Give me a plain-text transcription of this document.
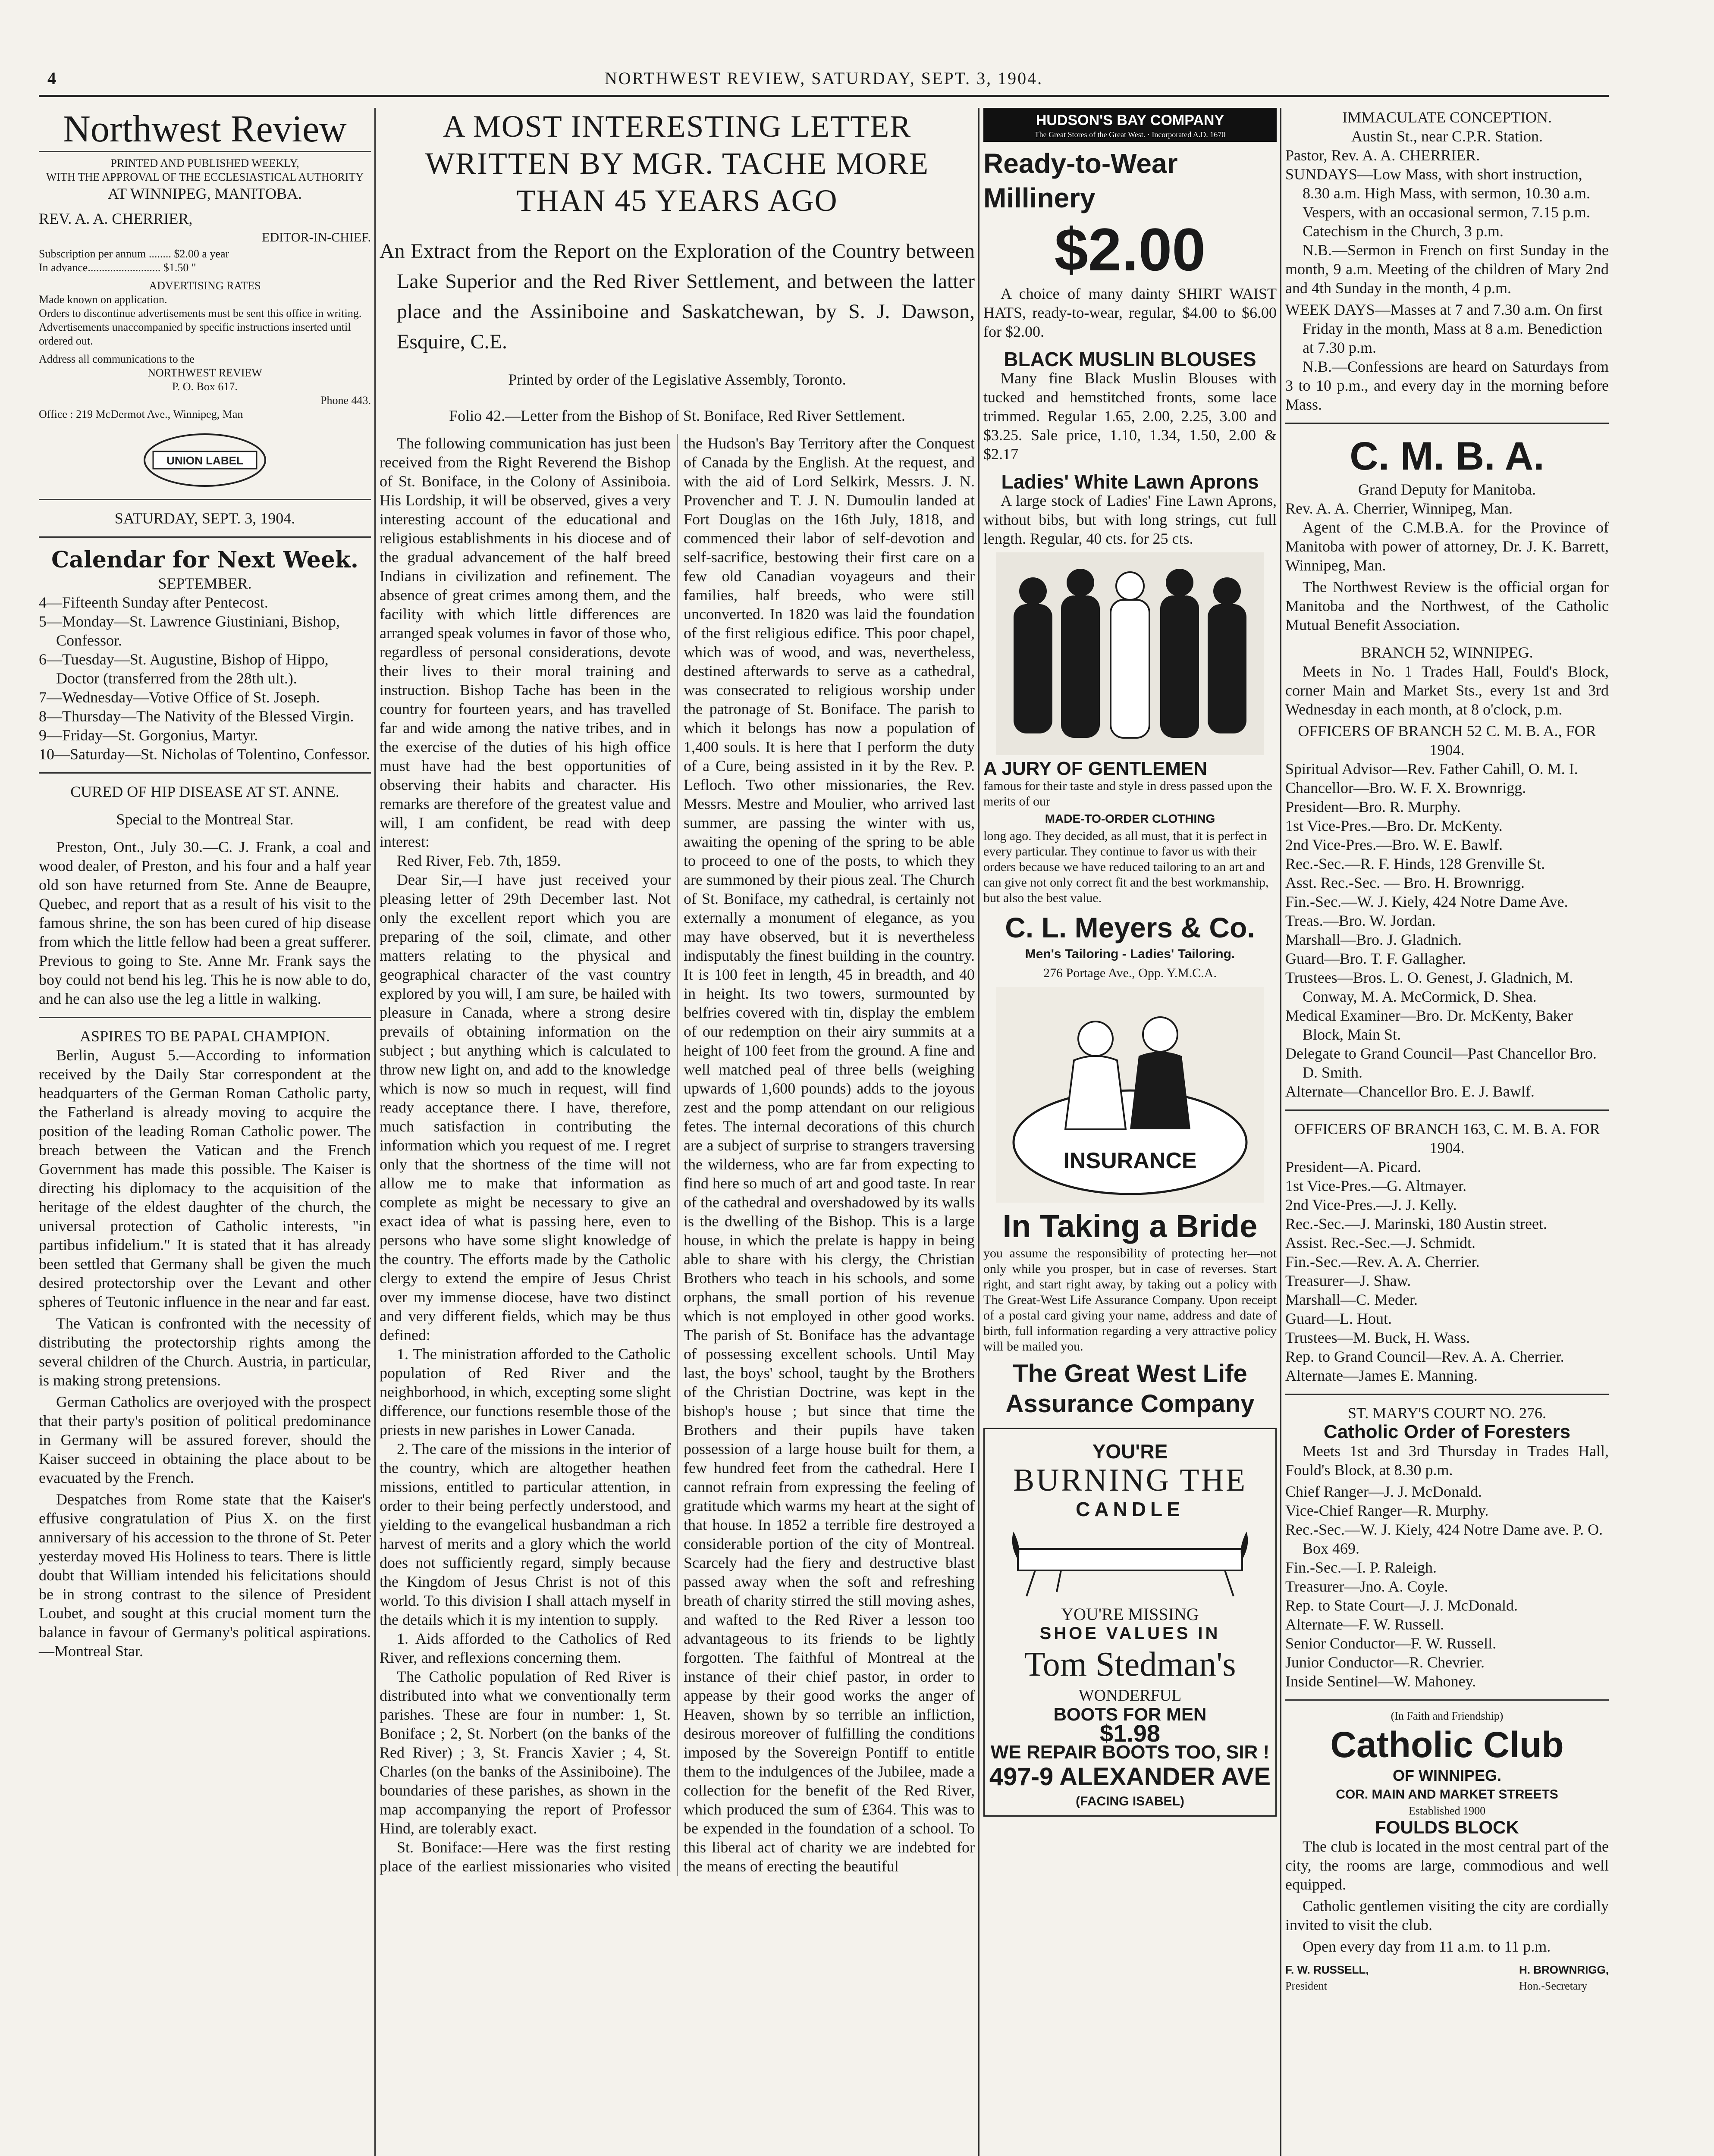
4	NORTHWEST REVIEW, SATURDAY, SEPT. 3, 1904.
Northwest Review
PRINTED AND PUBLISHED WEEKLY,
WITH THE APPROVAL OF THE ECCLESIASTICAL AUTHORITY
AT WINNIPEG, MANITOBA.
REV. A. A. CHERRIER,
EDITOR-IN-CHIEF.
Subscription per annum ........ $2.00 a year
In advance.......................... $1.50 "
ADVERTISING RATES
Made known on application.
Orders to discontinue advertisements must be sent this office in writing.
Advertisements unaccompanied by specific instructions inserted until ordered out.
Address all communications to the
NORTHWEST REVIEW
P. O. Box 617.
Phone 443.
Office : 219 McDermot Ave., Winnipeg, Man
UNION LABEL
SATURDAY, SEPT. 3, 1904.
Calendar for Next Week.
SEPTEMBER.

4—Fifteenth Sunday after Pentecost.

5—Monday—St. Lawrence Giustiniani, Bishop, Confessor.

6—Tuesday—St. Augustine, Bishop of Hippo, Doctor (transferred from the 28th ult.).

7—Wednesday—Votive Office of St. Joseph.

8—Thursday—The Nativity of the Blessed Virgin.

9—Friday—St. Gorgonius, Martyr.

10—Saturday—St. Nicholas of Tolentino, Confessor.

CURED OF HIP DISEASE AT ST. ANNE.
Special to the Montreal Star.

Preston, Ont., July 30.—C. J. Frank, a coal and wood dealer, of Preston, and his four and a half year old son have returned from Ste. Anne de Beaupre, Quebec, and report that as a result of his visit to the famous shrine, the son has been cured of hip disease from which the little fellow had been a great sufferer. Previous to going to Ste. Anne Mr. Frank says the boy could not bend his leg. This he is now able to do, and he can also use the leg a little in walking.

ASPIRES TO BE PAPAL CHAMPION.

Berlin, August 5.—According to information received by the Daily Star correspondent at the headquarters of the German Roman Catholic party, the Fatherland is already moving to acquire the position of the leading Roman Catholic power. The breach between the Vatican and the French Government has made this possible. The Kaiser is directing his diplomacy to the acquisition of the heritage of the eldest daughter of the church, the universal protection of Catholic interests, "in partibus infidelium." It is stated that it has already been settled that Germany shall be given the much desired protectorship over the Levant and other spheres of Teutonic influence in the near and far east.

The Vatican is confronted with the necessity of distributing the protectorship rights among the several children of the Church. Austria, in particular, is making strong pretensions.

German Catholics are overjoyed with the prospect that their party's position of political predominance in Germany will be assured forever, should the Kaiser succeed in obtaining the place about to be evacuated by the French.

Despatches from Rome state that the Kaiser's effusive congratulation of Pius X. on the first anniversary of his accession to the throne of St. Peter yesterday moved His Holiness to tears. There is little doubt that William intended his felicitations should be in strong contrast to the silence of President Loubet, and sought at this crucial moment turn the balance in favour of Germany's political aspirations. —Montreal Star.

A MOST INTERESTING LETTER WRITTEN BY MGR. TACHE MORE THAN 45 YEARS AGO
An Extract from the Report on the Exploration of the Country between Lake Superior and the Red River Settlement, and between the latter place and the Assiniboine and Saskatchewan, by S. J. Dawson, Esquire, C.E.
Printed by order of the Legislative Assembly, Toronto.
Folio 42.—Letter from the Bishop of St. Boniface, Red River Settlement.

The following communication has just been received from the Right Reverend the Bishop of St. Boniface, in the Colony of Assiniboia. His Lordship, it will be observed, gives a very interesting account of the educational and religious establishments in his diocese and of the gradual advancement of the half breed Indians in civilization and refinement. The absence of great crimes among them, and the facility with which little differences are arranged speak volumes in favor of those who, regardless of personal considerations, devote their lives to their moral training and instruction. Bishop Tache has been in the country for fourteen years, and has travelled far and wide among the native tribes, and in the exercise of the duties of his high office must have had the best opportunities of observing their habits and character. His remarks are therefore of the greatest value and will, I am confident, be read with deep interest:

Red River, Feb. 7th, 1859.

Dear Sir,—I have just received your pleasing letter of 29th December last. Not only the excellent report which you are preparing of the soil, climate, and other matters relating to the physical and geographical character of the vast country explored by you will, I am sure, be hailed with pleasure in Canada, where a strong desire prevails of obtaining information on the subject ; but anything which is calculated to throw new light on, and add to the knowledge which is now so much in request, will find ready acceptance there. I have, therefore, much satisfaction in contributing the information which you request of me. I regret only that the shortness of the time will not allow me to make that information as complete as might be necessary to give an exact idea of what is passing here, even to persons who have some slight knowledge of the country. The efforts made by the Catholic clergy to extend the empire of Jesus Christ over my immense diocese, have two distinct and very different fields, which may be thus defined:

1. The ministration afforded to the Catholic population of Red River and the neighborhood, in which, excepting some slight difference, our functions resemble those of the priests in new parishes in Lower Canada.

2. The care of the missions in the interior of the country, which are altogether heathen missions, entitled to particular attention, in order to their being perfectly understood, and yielding to the evangelical husbandman a rich harvest of merits and a glory which the world does not sufficiently regard, simply because the Kingdom of Jesus Christ is not of this world. To this division I shall attach myself in the details which it is my intention to supply.

1. Aids afforded to the Catholics of Red River, and reflexions concerning them.

The Catholic population of Red River is distributed into what we conventionally term parishes. These are four in number: 1, St. Boniface ; 2, St. Norbert (on the banks of the Red River) ; 3, St. Francis Xavier ; 4, St. Charles (on the banks of the Assiniboine). The boundaries of these parishes, as shown in the map accompanying the report of Professor Hind, are tolerably exact.

St. Boniface:—Here was the first resting place of the earliest missionaries who visited the Hudson's Bay Territory after the Conquest of Canada by the English. At the request, and with the aid of Lord Selkirk, Messrs. J. N. Provencher and T. J. N. Dumoulin landed at Fort Douglas on the 16th July, 1818, and commenced their labor of self-devotion and self-sacrifice, bestowing their first care on a few old Canadian voyageurs and their families, half breeds, who were still unconverted. In 1820 was laid the foundation of the first religious edifice. This poor chapel, which was of wood, and was, nevertheless, destined afterwards to serve as a cathedral, was consecrated to religious worship under the patronage of St. Boniface. The parish to which it belongs has now a population of 1,400 souls. It is here that I perform the duty of a Cure, being assisted in it by the Rev. P. Lefloch. Two other missionaries, the Rev. Messrs. Mestre and Moulier, who arrived last summer, are passing the winter with us, awaiting the opening of the spring to be able to proceed to one of the posts, to which they are summoned by their pious zeal. The Church of St. Boniface, my cathedral, is certainly not externally a monument of elegance, as you may have observed, but it is nevertheless indisputably the finest building in the country. It is 100 feet in length, 45 in breadth, and 40 in height. Its two towers, surmounted by belfries covered with tin, display the emblem of our redemption on their airy summits at a height of 100 feet from the ground. A fine and well matched peal of three bells (weighing upwards of 1,600 pounds) adds to the joyous zest and the pomp attendant on our religious fetes. The internal decorations of this church are a subject of surprise to strangers traversing the wilderness, who are far from expecting to find here so much of art and good taste. In rear of the cathedral and overshadowed by its walls is the dwelling of the Bishop. This is a large house, in which the prelate is happy in being able to share with his clergy, the Christian Brothers who teach in his schools, and some orphans, the small portion of his revenue which is not employed in other good works. The parish of St. Boniface has the advantage of possessing excellent schools. Until May last, the boys' school, taught by the Brothers of the Christian Doctrine, was kept in the bishop's house ; but since that time the Brothers and their pupils have taken possession of a large house built for them, a few hundred feet from the cathedral. Here I cannot refrain from expressing the feeling of gratitude which warms my heart at the sight of that house. In 1852 a terrible fire destroyed a considerable portion of the city of Montreal. Scarcely had the fiery and destructive blast passed away when the soft and refreshing breath of charity stirred the still moving ashes, and wafted to the Red River a lesson too advantageous to its friends to be lightly forgotten. The faithful of Montreal at the instance of their chief pastor, in order to appease by their good works the anger of Heaven, shown by so terrible an infliction, desirous moreover of fulfilling the conditions imposed by the Sovereign Pontiff to entitle them to the indulgences of the Jubilee, made a collection for the benefit of the Red River, which produced the sum of £364. This was to be expended in the foundation of a school. To this liberal act of charity we are indebted for the means of erecting the beautiful

HUDSON'S BAY COMPANY
The Great Stores of the Great West. · Incorporated A.D. 1670
Ready-to-Wear Millinery
$2.00

A choice of many dainty SHIRT WAIST HATS, ready-to-wear, regular, $4.00 to $6.00 for $2.00.

BLACK MUSLIN BLOUSES

Many fine Black Muslin Blouses with tucked and hemstitched fronts, some lace trimmed. Regular 1.65, 2.00, 2.25, 3.00 and $3.25. Sale price, 1.10, 1.34, 1.50, 2.00 & $2.17

Ladies' White Lawn Aprons

A large stock of Ladies' Fine Lawn Aprons, without bibs, but with long strings, cut full length. Regular, 40 cts. for 25 cts.

A JURY OF GENTLEMEN
famous for their taste and style in dress passed upon the merits of our
MADE-TO-ORDER CLOTHING
long ago. They decided, as all must, that it is perfect in every particular. They continue to favor us with their orders because we have reduced tailoring to an art and can give not only correct fit and the best workmanship, but also the best value.
C. L. Meyers & Co.
Men's Tailoring - Ladies' Tailoring.
276 Portage Ave., Opp. Y.M.C.A.
INSURANCE
In Taking a Bride
you assume the responsibility of protecting her—not only while you prosper, but in case of reverses. Start right, and start right away, by taking out a policy with The Great-West Life Assurance Company. Upon receipt of a postal card giving your name, address and date of birth, full information regarding a very attractive policy will be mailed you.
The Great West Life
Assurance Company
YOU'RE
BURNING THE
CANDLE
YOU'RE MISSING
SHOE VALUES IN
Tom Stedman's
WONDERFUL
BOOTS FOR MEN
$1.98
WE REPAIR BOOTS TOO, SIR !
497-9 ALEXANDER AVE
(FACING ISABEL)
IMMACULATE CONCEPTION.
Austin St., near C.P.R. Station.
Pastor, Rev. A. A. CHERRIER.

SUNDAYS—Low Mass, with short instruction, 8.30 a.m. High Mass, with sermon, 10.30 a.m. Vespers, with an occasional sermon, 7.15 p.m. Catechism in the Church, 3 p.m.

N.B.—Sermon in French on first Sunday in the month, 9 a.m. Meeting of the children of Mary 2nd and 4th Sunday in the month, 4 p.m.

WEEK DAYS—Masses at 7 and 7.30 a.m. On first Friday in the month, Mass at 8 a.m. Benediction at 7.30 p.m.

N.B.—Confessions are heard on Saturdays from 3 to 10 p.m., and every day in the morning before Mass.

C. M. B. A.
Grand Deputy for Manitoba.
Rev. A. A. Cherrier, Winnipeg, Man.

Agent of the C.M.B.A. for the Province of Manitoba with power of attorney, Dr. J. K. Barrett, Winnipeg, Man.

The Northwest Review is the official organ for Manitoba and the Northwest, of the Catholic Mutual Benefit Association.

BRANCH 52, WINNIPEG.

Meets in No. 1 Trades Hall, Fould's Block, corner Main and Market Sts., every 1st and 3rd Wednesday in each month, at 8 o'clock, p.m.

OFFICERS OF BRANCH 52 C. M. B. A., FOR 1904.

Spiritual Advisor—Rev. Father Cahill, O. M. I.

Chancellor—Bro. W. F. X. Brownrigg.

President—Bro. R. Murphy.

1st Vice-Pres.—Bro. Dr. McKenty.

2nd Vice-Pres.—Bro. W. E. Bawlf.

Rec.-Sec.—R. F. Hinds, 128 Grenville St.

Asst. Rec.-Sec. — Bro. H. Brownrigg.

Fin.-Sec.—W. J. Kiely, 424 Notre Dame Ave.

Treas.—Bro. W. Jordan.

Marshall—Bro. J. Gladnich.

Guard—Bro. T. F. Gallagher.

Trustees—Bros. L. O. Genest, J. Gladnich, M. Conway, M. A. McCormick, D. Shea.

Medical Examiner—Bro. Dr. McKenty, Baker Block, Main St.

Delegate to Grand Council—Past Chancellor Bro. D. Smith.

Alternate—Chancellor Bro. E. J. Bawlf.

OFFICERS OF BRANCH 163, C. M. B. A. FOR 1904.

President—A. Picard.

1st Vice-Pres.—G. Altmayer.

2nd Vice-Pres.—J. J. Kelly.

Rec.-Sec.—J. Marinski, 180 Austin street.

Assist. Rec.-Sec.—J. Schmidt.

Fin.-Sec.—Rev. A. A. Cherrier.

Treasurer—J. Shaw.

Marshall—C. Meder.

Guard—L. Hout.

Trustees—M. Buck, H. Wass.

Rep. to Grand Council—Rev. A. A. Cherrier.

Alternate—James E. Manning.

ST. MARY'S COURT NO. 276.
Catholic Order of Foresters

Meets 1st and 3rd Thursday in Trades Hall, Fould's Block, at 8.30 p.m.

Chief Ranger—J. J. McDonald.

Vice-Chief Ranger—R. Murphy.

Rec.-Sec.—W. J. Kiely, 424 Notre Dame ave. P. O. Box 469.

Fin.-Sec.—I. P. Raleigh.

Treasurer—Jno. A. Coyle.

Rep. to State Court—J. J. McDonald.

Alternate—F. W. Russell.

Senior Conductor—F. W. Russell.

Junior Conductor—R. Chevrier.

Inside Sentinel—W. Mahoney.

(In Faith and Friendship)
Catholic Club
OF WINNIPEG.
COR. MAIN AND MARKET STREETS
Established 1900
FOULDS BLOCK

The club is located in the most central part of the city, the rooms are large, commodious and well equipped.

Catholic gentlemen visiting the city are cordially invited to visit the club.

Open every day from 11 a.m. to 11 p.m.

F. W. RUSSELL,
President
H. BROWNRIGG,
Hon.-Secretary
